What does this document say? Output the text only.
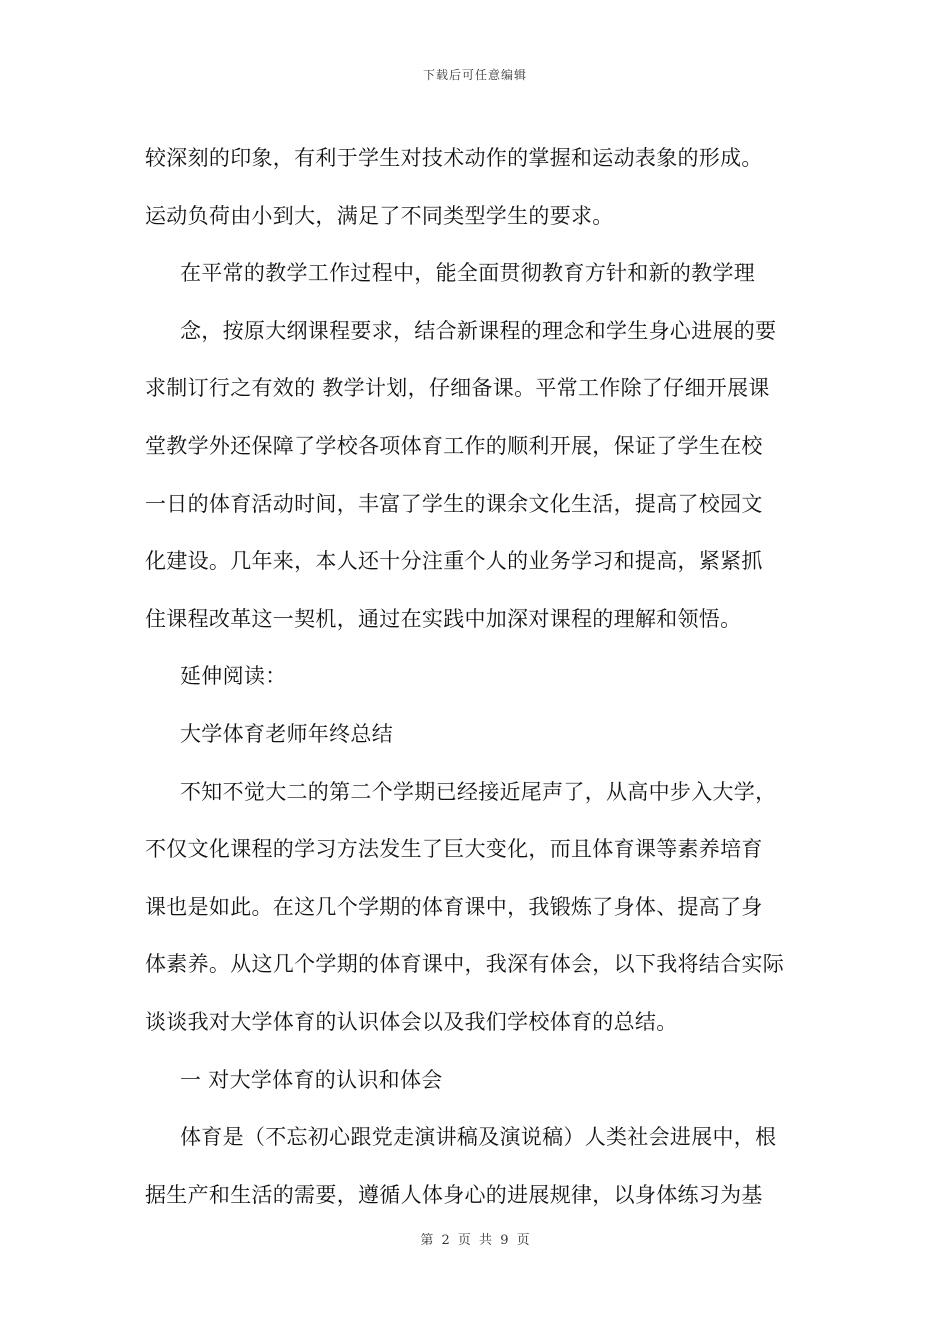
下载后可任意编辑
较深刻的印象，有利于学生对技术动作的掌握和运动表象的形成。
运动负荷由小到大，满足了不同类型学生的要求。
在平常的教学工作过程中，能全面贯彻教育方针和新的教学理
念，按原大纲课程要求，结合新课程的理念和学生身心进展的要
求制订行之有效的 教学计划，仔细备课。平常工作除了仔细开展课
堂教学外还保障了学校各项体育工作的顺利开展，保证了学生在校
一日的体育活动时间，丰富了学生的课余文化生活，提高了校园文
化建设。几年来，本人还十分注重个人的业务学习和提高，紧紧抓
住课程改革这一契机，通过在实践中加深对课程的理解和领悟。
延伸阅读：
大学体育老师年终总结
不知不觉大二的第二个学期已经接近尾声了，从高中步入大学，
不仅文化课程的学习方法发生了巨大变化，而且体育课等素养培育
课也是如此。在这几个学期的体育课中，我锻炼了身体、提高了身
体素养。从这几个学期的体育课中，我深有体会，以下我将结合实际
谈谈我对大学体育的认识体会以及我们学校体育的总结。
一 对大学体育的认识和体会
体育是（不忘初心跟党走演讲稿及演说稿）人类社会进展中，根
据生产和生活的需要，遵循人体身心的进展规律，以身体练习为基
第 2 页 共 9 页
